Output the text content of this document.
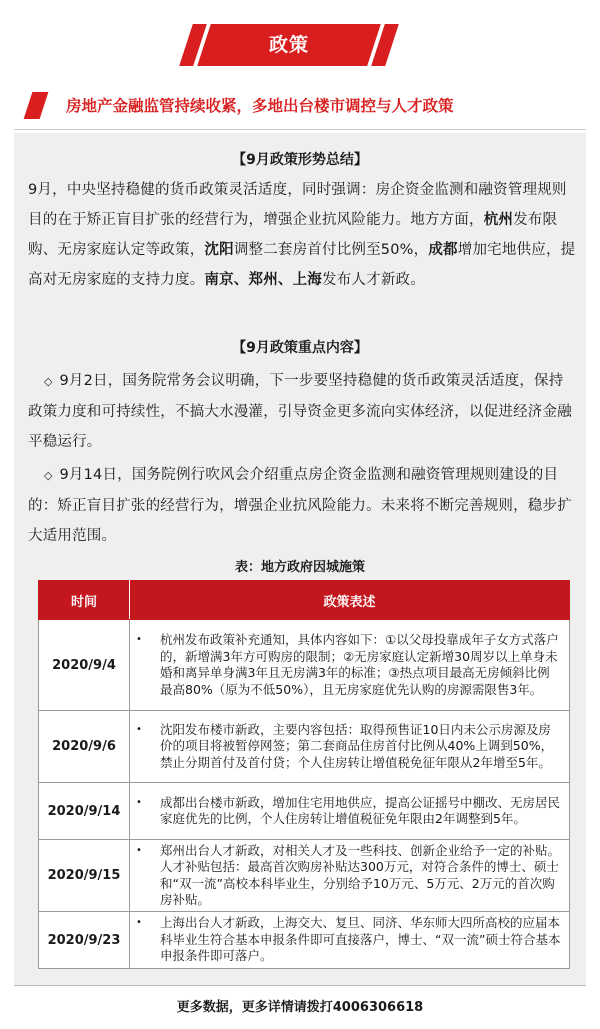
政策
房地产金融监管持续收紧，多地出台楼市调控与人才政策
【9月政策形势总结】
9月，中央坚持稳健的货币政策灵活适度，同时强调：房企资金监测和融资管理规则目的在于矫正盲目扩张的经营行为，增强企业抗风险能力。地方方面，杭州发布限购、无房家庭认定等政策，沈阳调整二套房首付比例至50%，成都增加宅地供应，提高对无房家庭的支持力度。南京、郑州、上海发布人才新政。
【9月政策重点内容】
◇ 9月2日，国务院常务会议明确，下一步要坚持稳健的货币政策灵活适度，保持政策力度和可持续性，不搞大水漫灌，引导资金更多流向实体经济，以促进经济金融平稳运行。
◇ 9月14日，国务院例行吹风会介绍重点房企资金监测和融资管理规则建设的目的：矫正盲目扩张的经营行为，增强企业抗风险能力。未来将不断完善规则，稳步扩大适用范围。
表：地方政府因城施策
时间	政策表述
2020/9/4	• 杭州发布政策补充通知，具体内容如下：①以父母投靠成年子女方式落户的，新增满3年方可购房的限制；②无房家庭认定新增30周岁以上单身未婚和离异单身满3年且无房满3年的标准；③热点项目最高无房倾斜比例最高80%（原为不低50%），且无房家庭优先认购的房源需限售3年。

2020/9/6	• 沈阳发布楼市新政，主要内容包括：取得预售证10日内未公示房源及房价的项目将被暂停网签；第二套商品住房首付比例从40%上调到50%，禁止分期首付及首付贷；个人住房转让增值税免征年限从2年增至5年。

2020/9/14	• 成都出台楼市新政，增加住宅用地供应，提高公证摇号中棚改、无房居民家庭优先的比例，个人住房转让增值税征免年限由2年调整到5年。

2020/9/15	• 郑州出台人才新政，对相关人才及一些科技、创新企业给予一定的补贴。人才补贴包括：最高首次购房补贴达300万元，对符合条件的博士、硕士和“双一流”高校本科毕业生，分别给予10万元、5万元、2万元的首次购房补贴。

2020/9/23	• 上海出台人才新政，上海交大、复旦、同济、华东师大四所高校的应届本科毕业生符合基本申报条件即可直接落户，博士、“双一流”硕士符合基本申报条件即可落户。
更多数据，更多详情请拨打4006306618
